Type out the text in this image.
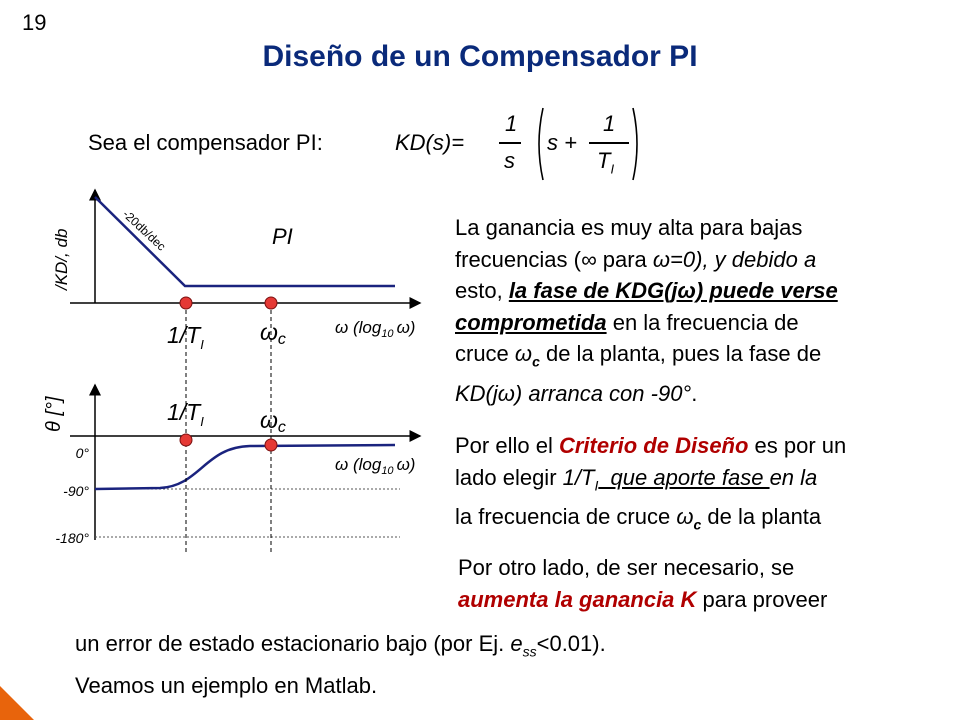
19
Diseño de un Compensador PI
Sea el compensador PI:	KD(s)=
1
s
s +
1
$T_I$
/KD/, db	-20db/dec	PI
ω ($\log_{10}$ ω)
$1/T_I$ ωc
θ [°]
0°
-90°
-180°
ω ($\log_{10}$ ω)
$1/T_I$ ωc
La ganancia es muy alta para bajas
frecuencias (∞ para ω=0), y debido a
esto, la fase de KDG(jω) puede verse
comprometida en la frecuencia de
cruce $\omega_c$ de la planta, pues la fase de
KD(jω) arranca con -90°.
Por ello el Criterio de Diseño es por un
lado elegir $1/T_I$  que aporte fase en la
la frecuencia de cruce $\omega_c$ de la planta
Por otro lado, de ser necesario, se
aumenta la ganancia K para proveer
un error de estado estacionario bajo (por Ej. $e_{ss}<0.01$).
Veamos un ejemplo en Matlab.
